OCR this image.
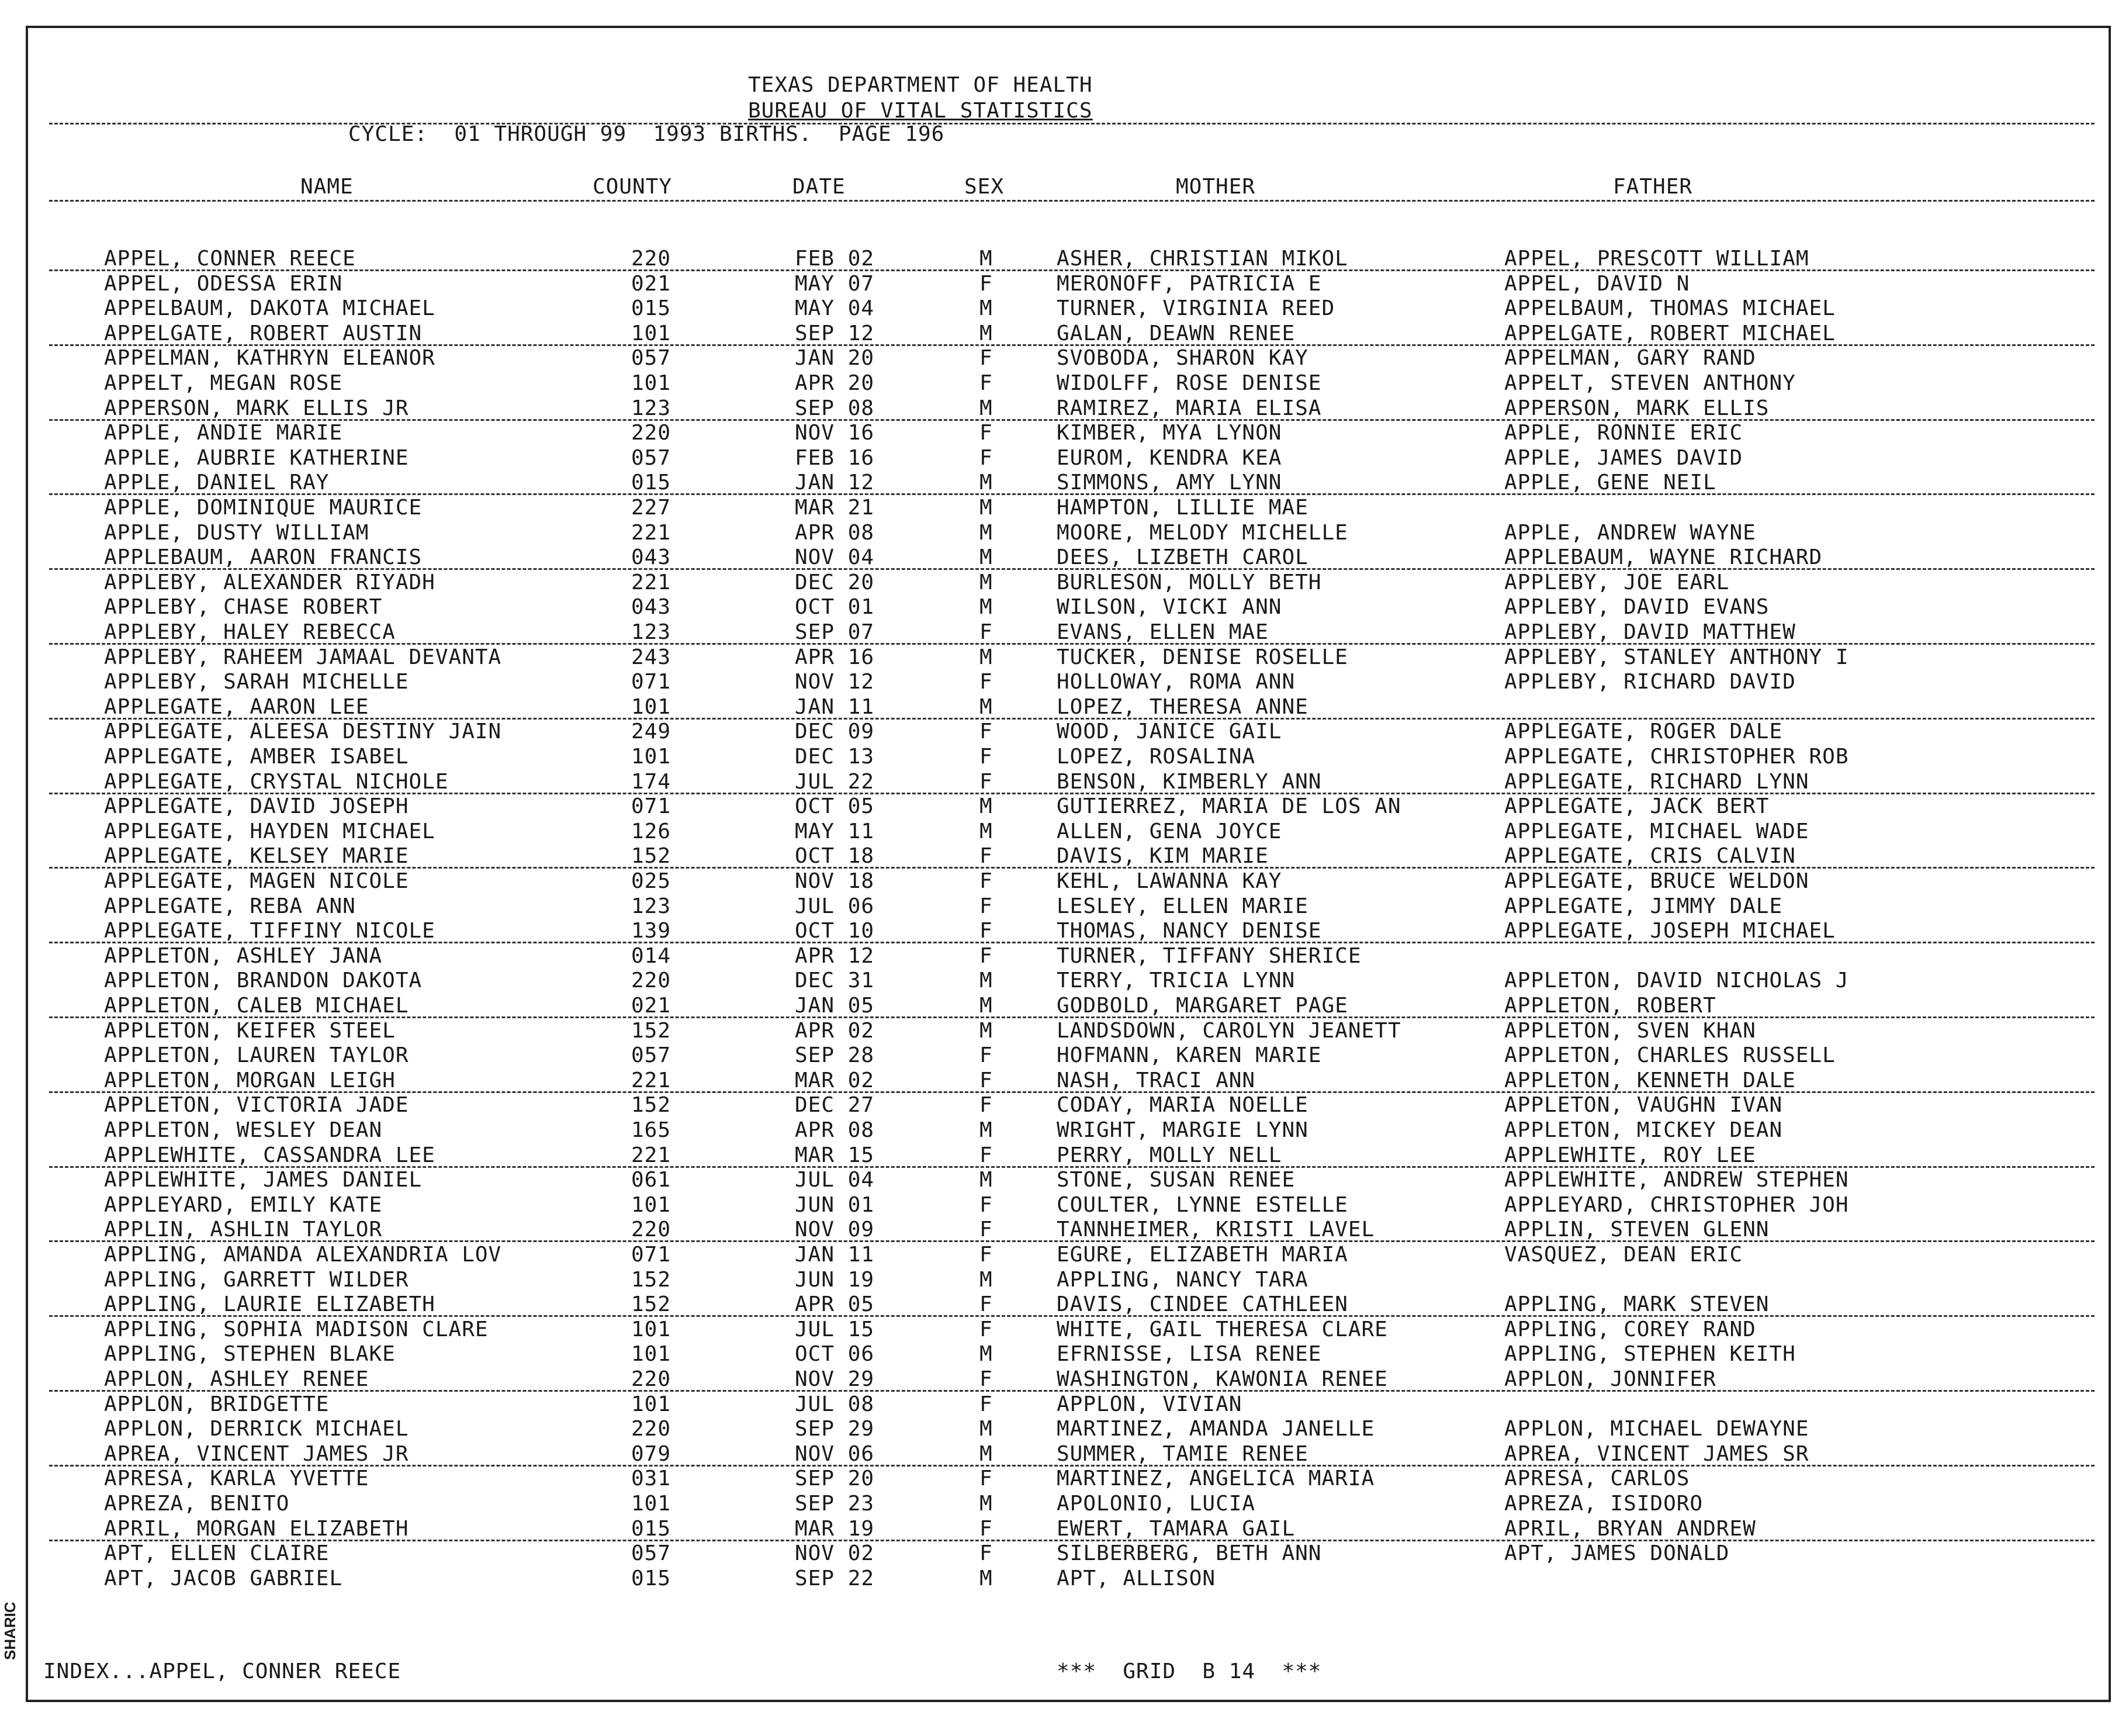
TEXAS DEPARTMENT OF HEALTH
BUREAU OF VITAL STATISTICS
CYCLE:  01 THROUGH 99  1993 BIRTHS.  PAGE 196
NAME	COUNTY	DATE	SEX	MOTHER	FATHER
APPEL, CONNER REECE	220	FEB 02	M	ASHER, CHRISTIAN MIKOL	APPEL, PRESCOTT WILLIAM
APPEL, ODESSA ERIN	021	MAY 07	F	MERONOFF, PATRICIA E	APPEL, DAVID N
APPELBAUM, DAKOTA MICHAEL	015	MAY 04	M	TURNER, VIRGINIA REED	APPELBAUM, THOMAS MICHAEL
APPELGATE, ROBERT AUSTIN	101	SEP 12	M	GALAN, DEAWN RENEE	APPELGATE, ROBERT MICHAEL
APPELMAN, KATHRYN ELEANOR	057	JAN 20	F	SVOBODA, SHARON KAY	APPELMAN, GARY RAND
APPELT, MEGAN ROSE	101	APR 20	F	WIDOLFF, ROSE DENISE	APPELT, STEVEN ANTHONY
APPERSON, MARK ELLIS JR	123	SEP 08	M	RAMIREZ, MARIA ELISA	APPERSON, MARK ELLIS
APPLE, ANDIE MARIE	220	NOV 16	F	KIMBER, MYA LYNON	APPLE, RONNIE ERIC
APPLE, AUBRIE KATHERINE	057	FEB 16	F	EUROM, KENDRA KEA	APPLE, JAMES DAVID
APPLE, DANIEL RAY	015	JAN 12	M	SIMMONS, AMY LYNN	APPLE, GENE NEIL
APPLE, DOMINIQUE MAURICE	227	MAR 21	M	HAMPTON, LILLIE MAE
APPLE, DUSTY WILLIAM	221	APR 08	M	MOORE, MELODY MICHELLE	APPLE, ANDREW WAYNE
APPLEBAUM, AARON FRANCIS	043	NOV 04	M	DEES, LIZBETH CAROL	APPLEBAUM, WAYNE RICHARD
APPLEBY, ALEXANDER RIYADH	221	DEC 20	M	BURLESON, MOLLY BETH	APPLEBY, JOE EARL
APPLEBY, CHASE ROBERT	043	OCT 01	M	WILSON, VICKI ANN	APPLEBY, DAVID EVANS
APPLEBY, HALEY REBECCA	123	SEP 07	F	EVANS, ELLEN MAE	APPLEBY, DAVID MATTHEW
APPLEBY, RAHEEM JAMAAL DEVANTA	243	APR 16	M	TUCKER, DENISE ROSELLE	APPLEBY, STANLEY ANTHONY I
APPLEBY, SARAH MICHELLE	071	NOV 12	F	HOLLOWAY, ROMA ANN	APPLEBY, RICHARD DAVID
APPLEGATE, AARON LEE	101	JAN 11	M	LOPEZ, THERESA ANNE
APPLEGATE, ALEESA DESTINY JAIN	249	DEC 09	F	WOOD, JANICE GAIL	APPLEGATE, ROGER DALE
APPLEGATE, AMBER ISABEL	101	DEC 13	F	LOPEZ, ROSALINA	APPLEGATE, CHRISTOPHER ROB
APPLEGATE, CRYSTAL NICHOLE	174	JUL 22	F	BENSON, KIMBERLY ANN	APPLEGATE, RICHARD LYNN
APPLEGATE, DAVID JOSEPH	071	OCT 05	M	GUTIERREZ, MARIA DE LOS AN	APPLEGATE, JACK BERT
APPLEGATE, HAYDEN MICHAEL	126	MAY 11	M	ALLEN, GENA JOYCE	APPLEGATE, MICHAEL WADE
APPLEGATE, KELSEY MARIE	152	OCT 18	F	DAVIS, KIM MARIE	APPLEGATE, CRIS CALVIN
APPLEGATE, MAGEN NICOLE	025	NOV 18	F	KEHL, LAWANNA KAY	APPLEGATE, BRUCE WELDON
APPLEGATE, REBA ANN	123	JUL 06	F	LESLEY, ELLEN MARIE	APPLEGATE, JIMMY DALE
APPLEGATE, TIFFINY NICOLE	139	OCT 10	F	THOMAS, NANCY DENISE	APPLEGATE, JOSEPH MICHAEL
APPLETON, ASHLEY JANA	014	APR 12	F	TURNER, TIFFANY SHERICE
APPLETON, BRANDON DAKOTA	220	DEC 31	M	TERRY, TRICIA LYNN	APPLETON, DAVID NICHOLAS J
APPLETON, CALEB MICHAEL	021	JAN 05	M	GODBOLD, MARGARET PAGE	APPLETON, ROBERT
APPLETON, KEIFER STEEL	152	APR 02	M	LANDSDOWN, CAROLYN JEANETT	APPLETON, SVEN KHAN
APPLETON, LAUREN TAYLOR	057	SEP 28	F	HOFMANN, KAREN MARIE	APPLETON, CHARLES RUSSELL
APPLETON, MORGAN LEIGH	221	MAR 02	F	NASH, TRACI ANN	APPLETON, KENNETH DALE
APPLETON, VICTORIA JADE	152	DEC 27	F	CODAY, MARIA NOELLE	APPLETON, VAUGHN IVAN
APPLETON, WESLEY DEAN	165	APR 08	M	WRIGHT, MARGIE LYNN	APPLETON, MICKEY DEAN
APPLEWHITE, CASSANDRA LEE	221	MAR 15	F	PERRY, MOLLY NELL	APPLEWHITE, ROY LEE
APPLEWHITE, JAMES DANIEL	061	JUL 04	M	STONE, SUSAN RENEE	APPLEWHITE, ANDREW STEPHEN
APPLEYARD, EMILY KATE	101	JUN 01	F	COULTER, LYNNE ESTELLE	APPLEYARD, CHRISTOPHER JOH
APPLIN, ASHLIN TAYLOR	220	NOV 09	F	TANNHEIMER, KRISTI LAVEL	APPLIN, STEVEN GLENN
APPLING, AMANDA ALEXANDRIA LOV	071	JAN 11	F	EGURE, ELIZABETH MARIA	VASQUEZ, DEAN ERIC
APPLING, GARRETT WILDER	152	JUN 19	M	APPLING, NANCY TARA
APPLING, LAURIE ELIZABETH	152	APR 05	F	DAVIS, CINDEE CATHLEEN	APPLING, MARK STEVEN
APPLING, SOPHIA MADISON CLARE	101	JUL 15	F	WHITE, GAIL THERESA CLARE	APPLING, COREY RAND
APPLING, STEPHEN BLAKE	101	OCT 06	M	EFRNISSE, LISA RENEE	APPLING, STEPHEN KEITH
APPLON, ASHLEY RENEE	220	NOV 29	F	WASHINGTON, KAWONIA RENEE	APPLON, JONNIFER
APPLON, BRIDGETTE	101	JUL 08	F	APPLON, VIVIAN
APPLON, DERRICK MICHAEL	220	SEP 29	M	MARTINEZ, AMANDA JANELLE	APPLON, MICHAEL DEWAYNE
APREA, VINCENT JAMES JR	079	NOV 06	M	SUMMER, TAMIE RENEE	APREA, VINCENT JAMES SR
APRESA, KARLA YVETTE	031	SEP 20	F	MARTINEZ, ANGELICA MARIA	APRESA, CARLOS
APREZA, BENITO	101	SEP 23	M	APOLONIO, LUCIA	APREZA, ISIDORO
APRIL, MORGAN ELIZABETH	015	MAR 19	F	EWERT, TAMARA GAIL	APRIL, BRYAN ANDREW
APT, ELLEN CLAIRE	057	NOV 02	F	SILBERBERG, BETH ANN	APT, JAMES DONALD
APT, JACOB GABRIEL	015	SEP 22	M	APT, ALLISON
INDEX...APPEL, CONNER REECE	***  GRID  B 14  ***
SHARIC
